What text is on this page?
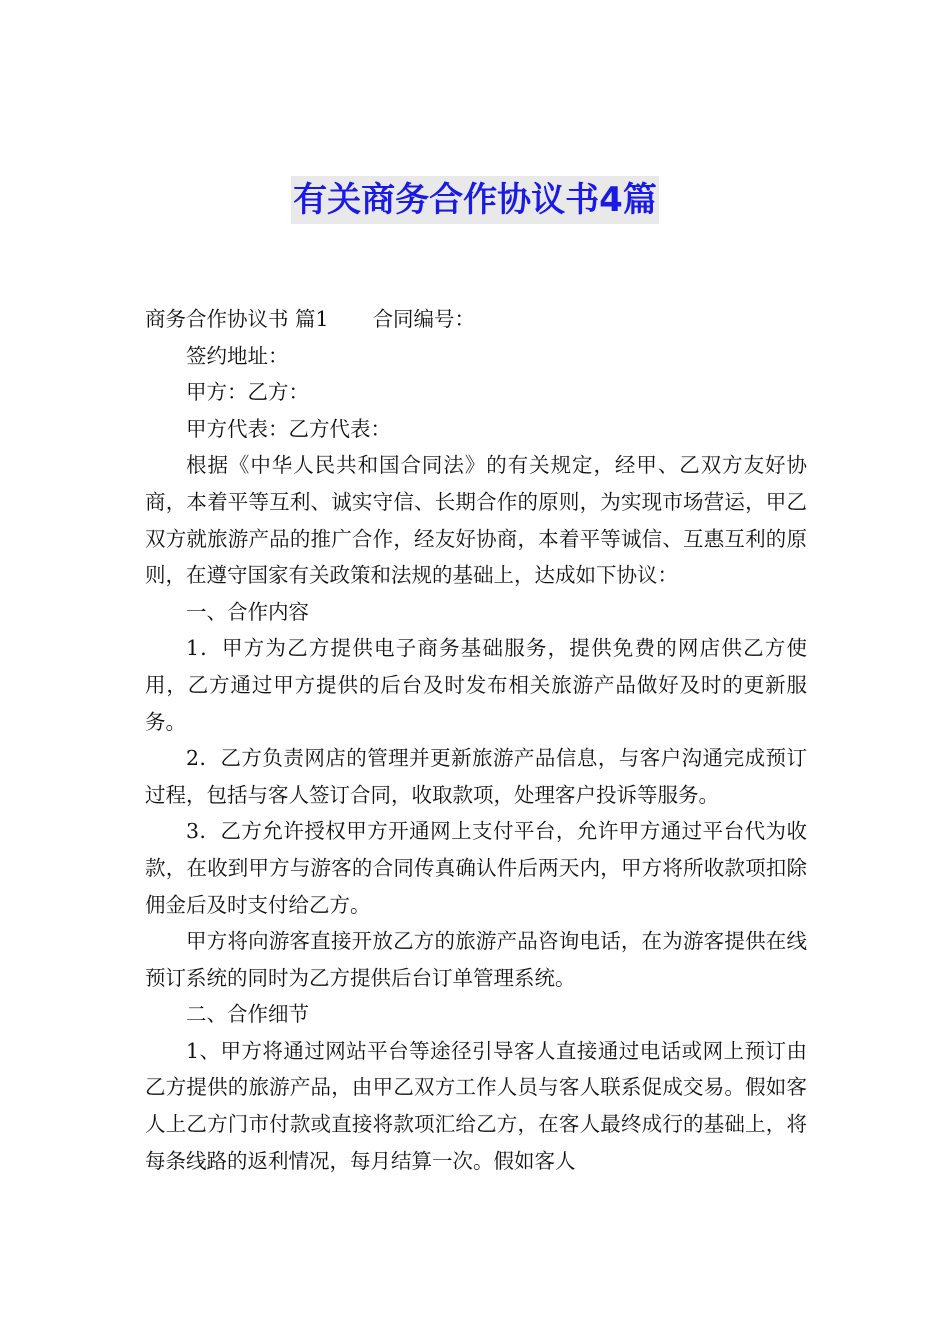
有关商务合作协议书4篇

商务合作协议书 篇1 合同编号：

签约地址：

甲方：乙方：

甲方代表：乙方代表：

根据《中华人民共和国合同法》的有关规定，经甲、乙双方友好协商，本着平等互利、诚实守信、长期合作的原则，为实现市场营运，甲乙双方就旅游产品的推广合作，经友好协商，本着平等诚信、互惠互利的原则，在遵守国家有关政策和法规的基础上，达成如下协议：

一、合作内容

1．甲方为乙方提供电子商务基础服务，提供免费的网店供乙方使用，乙方通过甲方提供的后台及时发布相关旅游产品做好及时的更新服务。

2．乙方负责网店的管理并更新旅游产品信息，与客户沟通完成预订过程，包括与客人签订合同，收取款项，处理客户投诉等服务。

3．乙方允许授权甲方开通网上支付平台，允许甲方通过平台代为收款，在收到甲方与游客的合同传真确认件后两天内，甲方将所收款项扣除佣金后及时支付给乙方。

甲方将向游客直接开放乙方的旅游产品咨询电话，在为游客提供在线预订系统的同时为乙方提供后台订单管理系统。

二、合作细节

1、甲方将通过网站平台等途径引导客人直接通过电话或网上预订由乙方提供的旅游产品，由甲乙双方工作人员与客人联系促成交易。假如客人上乙方门市付款或直接将款项汇给乙方，在客人最终成行的基础上，将每条线路的返利情况，每月结算一次。假如客人
